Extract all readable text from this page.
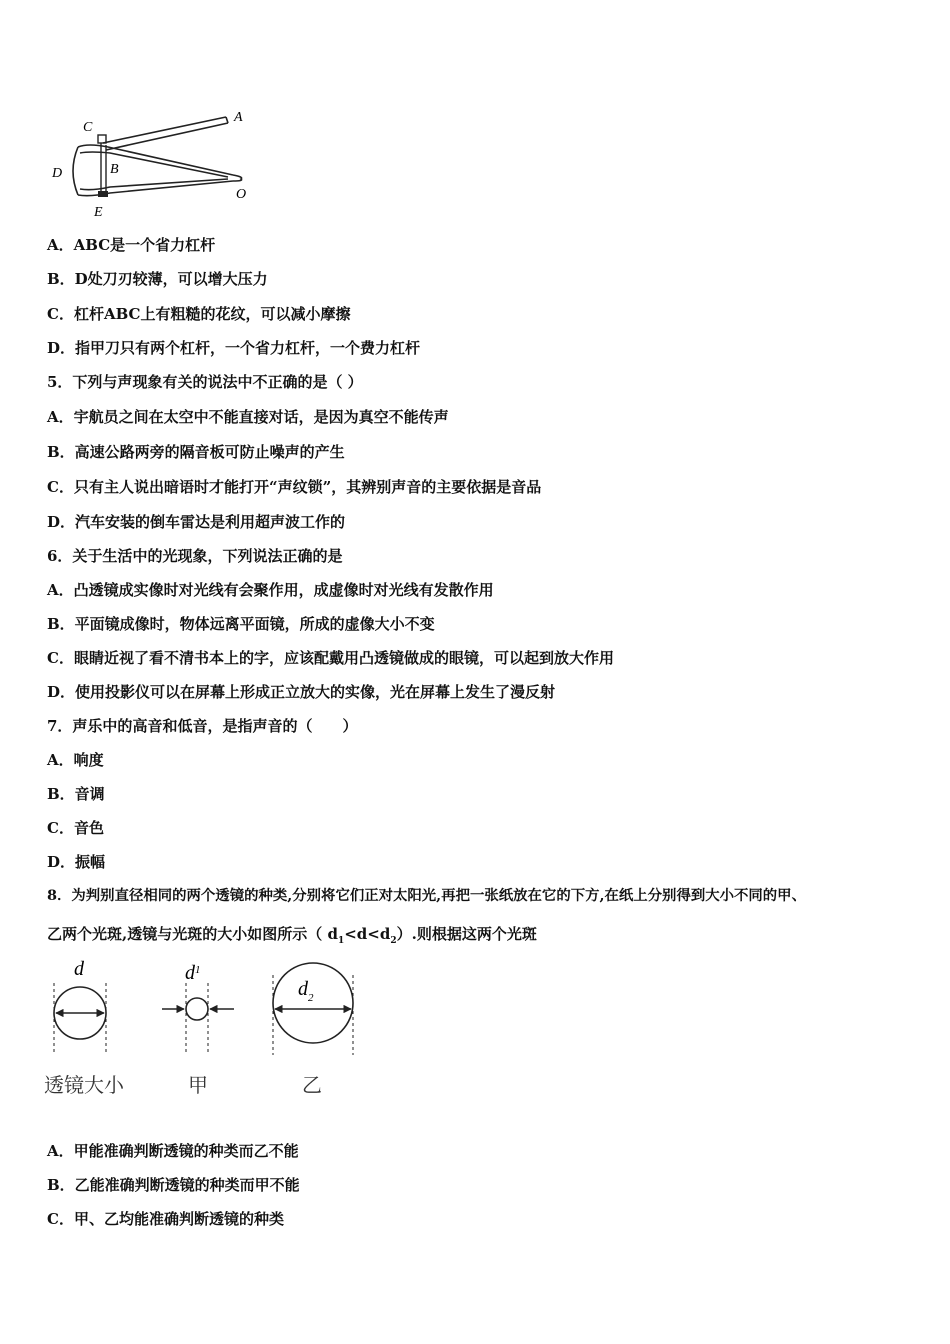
C
A
B
D
O
E
A．ABC是一个省力杠杆
B．D处刀刃较薄，可以增大压力
C．杠杆ABC上有粗糙的花纹，可以减小摩擦
D．指甲刀只有两个杠杆，一个省力杠杆，一个费力杠杆
5．下列与声现象有关的说法中不正确的是（ ）
A．宇航员之间在太空中不能直接对话，是因为真空不能传声
B．高速公路两旁的隔音板可防止噪声的产生
C．只有主人说出暗语时才能打开“声纹锁”，其辨别声音的主要依据是音品
D．汽车安装的倒车雷达是利用超声波工作的
6．关于生活中的光现象，下列说法正确的是
A．凸透镜成实像时对光线有会聚作用，成虚像时对光线有发散作用
B．平面镜成像时，物体远离平面镜，所成的虚像大小不变
C．眼睛近视了看不清书本上的字，应该配戴用凸透镜做成的眼镜，可以起到放大作用
D．使用投影仪可以在屏幕上形成正立放大的实像，光在屏幕上发生了漫反射
7．声乐中的高音和低音，是指声音的（　　）
A．响度
B．音调
C．音色
D．振幅
8．为判别直径相同的两个透镜的种类,分别将它们正对太阳光,再把一张纸放在它的下方,在纸上分别得到大小不同的甲、
乙两个光斑,透镜与光斑的大小如图所示（ $d_1<d<d_2$）.则根据这两个光斑
d	$d^1$
$d_2$
透镜大小	甲	乙
A．甲能准确判断透镜的种类而乙不能
B．乙能准确判断透镜的种类而甲不能
C．甲、乙均能准确判断透镜的种类
